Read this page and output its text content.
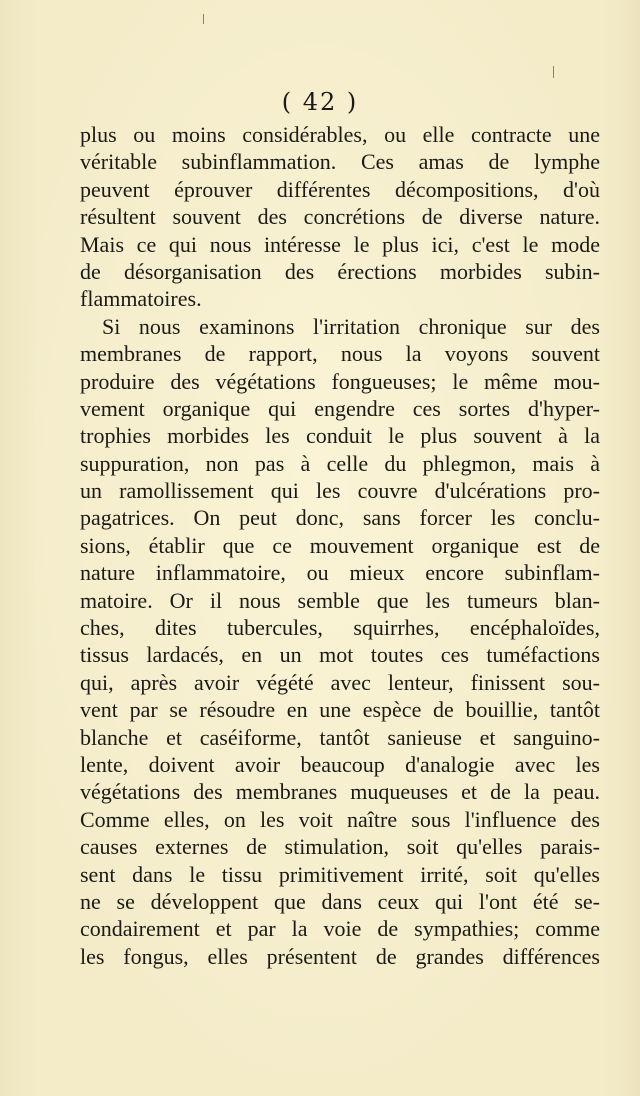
( 42 )
plus ou moins considérables, ou elle contracte une
véritable subinflammation. Ces amas de lymphe
peuvent éprouver différentes décompositions, d'où
résultent souvent des concrétions de diverse nature.
Mais ce qui nous intéresse le plus ici, c'est le mode
de désorganisation des érections morbides subin-
flammatoires.
Si nous examinons l'irritation chronique sur des
membranes de rapport, nous la voyons souvent
produire des végétations fongueuses; le même mou-
vement organique qui engendre ces sortes d'hyper-
trophies morbides les conduit le plus souvent à la
suppuration, non pas à celle du phlegmon, mais à
un ramollissement qui les couvre d'ulcérations pro-
pagatrices. On peut donc, sans forcer les conclu-
sions, établir que ce mouvement organique est de
nature inflammatoire, ou mieux encore subinflam-
matoire. Or il nous semble que les tumeurs blan-
ches, dites tubercules, squirrhes, encéphaloïdes,
tissus lardacés, en un mot toutes ces tuméfactions
qui, après avoir végété avec lenteur, finissent sou-
vent par se résoudre en une espèce de bouillie, tantôt
blanche et caséiforme, tantôt sanieuse et sanguino-
lente, doivent avoir beaucoup d'analogie avec les
végétations des membranes muqueuses et de la peau.
Comme elles, on les voit naître sous l'influence des
causes externes de stimulation, soit qu'elles parais-
sent dans le tissu primitivement irrité, soit qu'elles
ne se développent que dans ceux qui l'ont été se-
condairement et par la voie de sympathies; comme
les fongus, elles présentent de grandes différences
